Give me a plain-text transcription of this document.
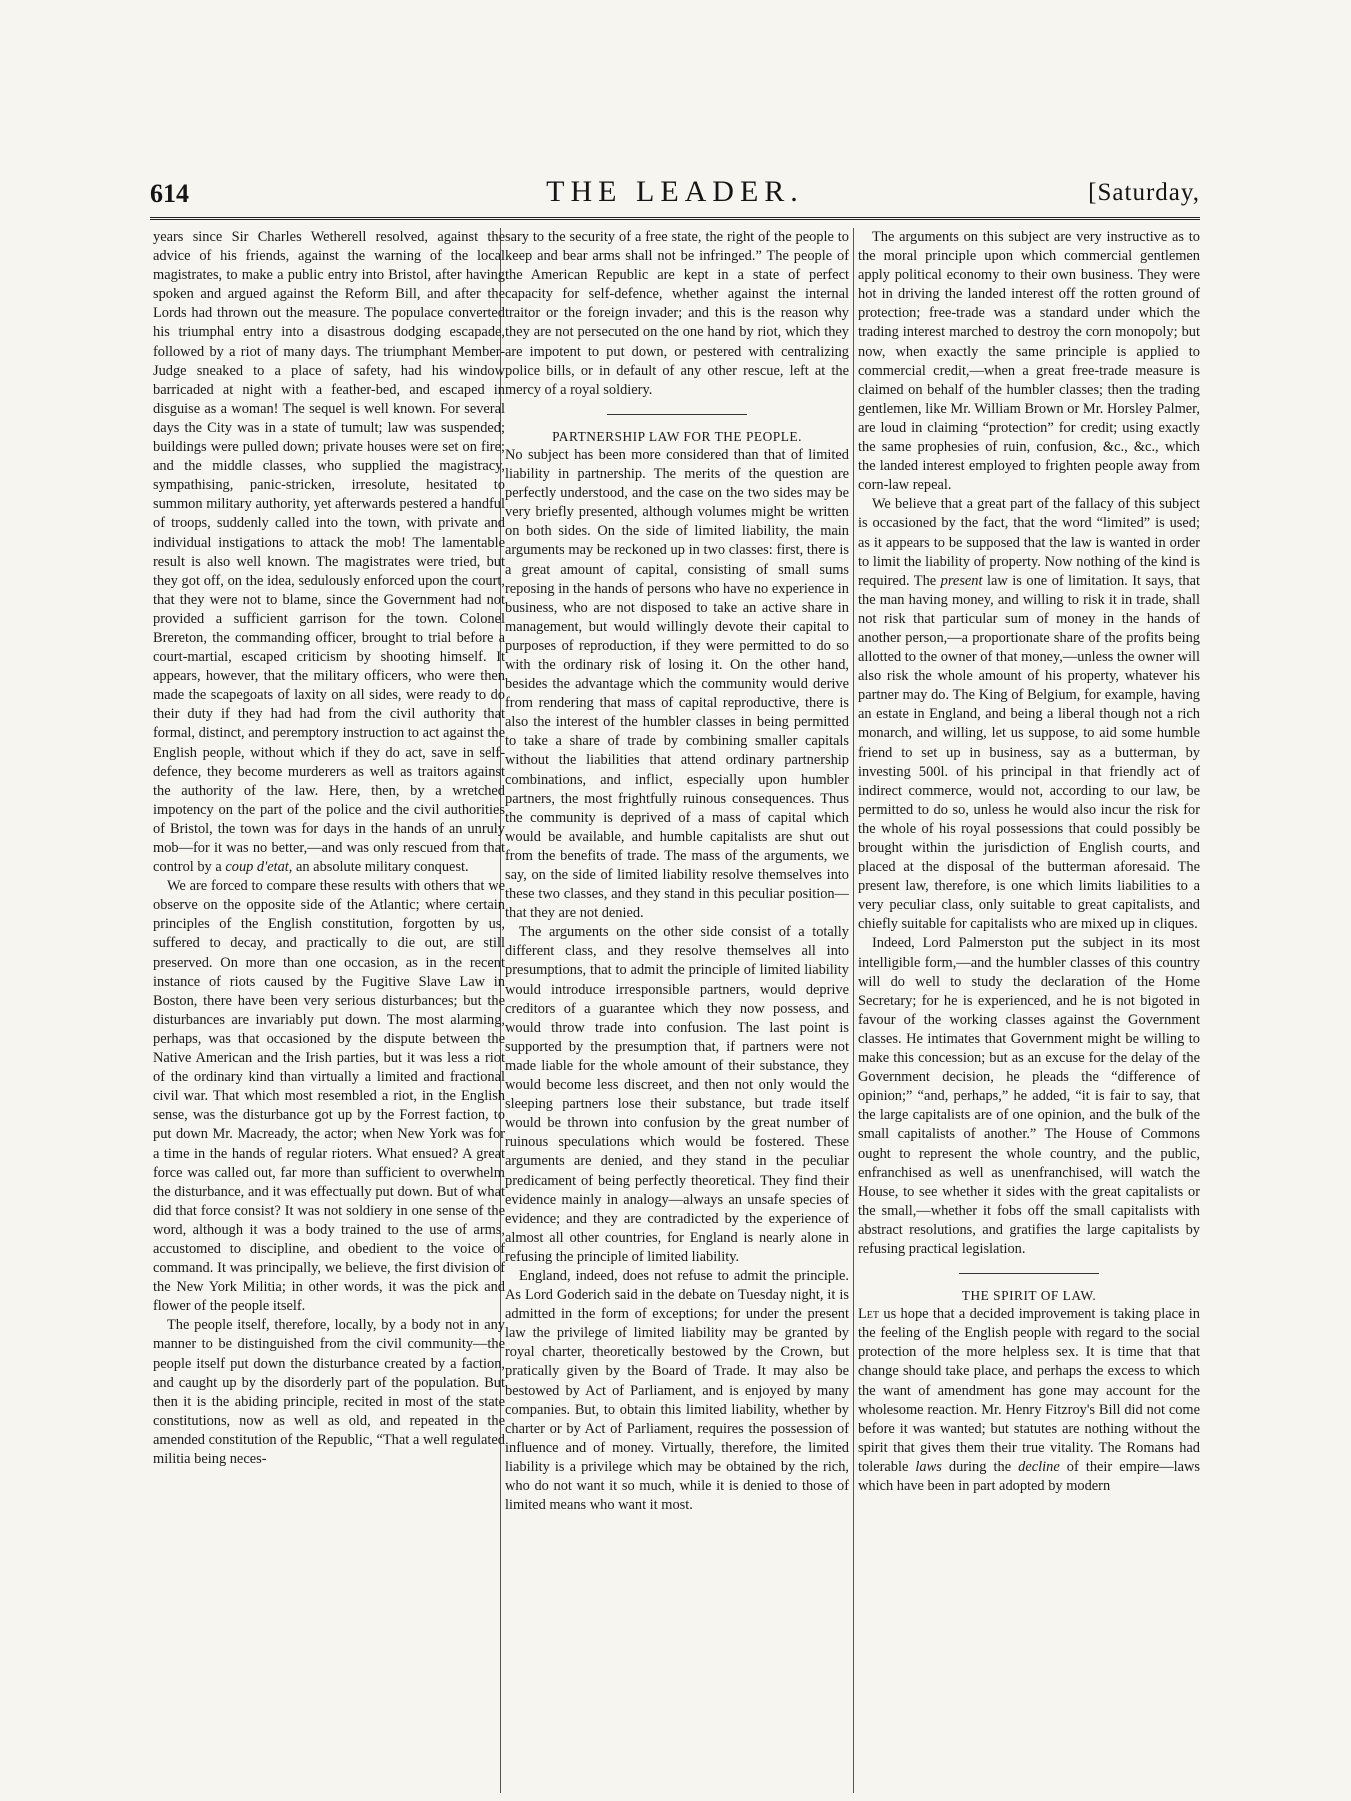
614	THE LEADER.	[Saturday,

years since Sir Charles Wetherell resolved, against the advice of his friends, against the warning of the local magistrates, to make a public entry into Bristol, after having spoken and argued against the Reform Bill, and after the Lords had thrown out the measure. The populace converted his triumphal entry into a disastrous dodging escapade, followed by a riot of many days. The triumphant Member-Judge sneaked to a place of safety, had his window barricaded at night with a feather-bed, and escaped in disguise as a woman! The sequel is well known. For several days the City was in a state of tumult; law was suspended; buildings were pulled down; private houses were set on fire; and the middle classes, who supplied the magistracy, sympathising, panic-stricken, irresolute, hesitated to summon military authority, yet afterwards pestered a handful of troops, suddenly called into the town, with private and individual instigations to attack the mob! The lamentable result is also well known. The magistrates were tried, but they got off, on the idea, sedulously enforced upon the court, that they were not to blame, since the Government had not provided a sufficient garrison for the town. Colonel Brereton, the commanding officer, brought to trial before a court-martial, escaped criticism by shooting himself. It appears, however, that the military officers, who were then made the scapegoats of laxity on all sides, were ready to do their duty if they had had from the civil authority that formal, distinct, and peremptory instruction to act against the English people, without which if they do act, save in self-defence, they become murderers as well as traitors against the authority of the law. Here, then, by a wretched impotency on the part of the police and the civil authorities of Bristol, the town was for days in the hands of an unruly mob—for it was no better,—and was only rescued from that control by a coup d'etat, an absolute military conquest.

We are forced to compare these results with others that we observe on the opposite side of the Atlantic; where certain principles of the English constitution, forgotten by us, suffered to decay, and practically to die out, are still preserved. On more than one occasion, as in the recent instance of riots caused by the Fugitive Slave Law in Boston, there have been very serious disturbances; but the disturbances are invariably put down. The most alarming, perhaps, was that occasioned by the dispute between the Native American and the Irish parties, but it was less a riot of the ordinary kind than virtually a limited and fractional civil war. That which most resembled a riot, in the English sense, was the disturbance got up by the Forrest faction, to put down Mr. Macready, the actor; when New York was for a time in the hands of regular rioters. What ensued? A great force was called out, far more than sufficient to overwhelm the disturbance, and it was effectually put down. But of what did that force consist? It was not soldiery in one sense of the word, although it was a body trained to the use of arms, accustomed to discipline, and obedient to the voice of command. It was principally, we believe, the first division of the New York Militia; in other words, it was the pick and flower of the people itself.

The people itself, therefore, locally, by a body not in any manner to be distinguished from the civil community—the people itself put down the disturbance created by a faction, and caught up by the disorderly part of the population. But then it is the abiding principle, recited in most of the state constitutions, now as well as old, and repeated in the amended constitution of the Republic, “That a well regulated militia being neces-

sary to the security of a free state, the right of the people to keep and bear arms shall not be infringed.” The people of the American Republic are kept in a state of perfect capacity for self-defence, whether against the internal traitor or the foreign invader; and this is the reason why they are not persecuted on the one hand by riot, which they are impotent to put down, or pestered with centralizing police bills, or in default of any other rescue, left at the mercy of a royal soldiery.

PARTNERSHIP LAW FOR THE PEOPLE.

No subject has been more considered than that of limited liability in partnership. The merits of the question are perfectly understood, and the case on the two sides may be very briefly presented, although volumes might be written on both sides. On the side of limited liability, the main arguments may be reckoned up in two classes: first, there is a great amount of capital, consisting of small sums reposing in the hands of persons who have no experience in business, who are not disposed to take an active share in management, but would willingly devote their capital to purposes of reproduction, if they were permitted to do so with the ordinary risk of losing it. On the other hand, besides the advantage which the community would derive from rendering that mass of capital reproductive, there is also the interest of the humbler classes in being permitted to take a share of trade by combining smaller capitals without the liabilities that attend ordinary partnership combinations, and inflict, especially upon humbler partners, the most frightfully ruinous consequences. Thus the community is deprived of a mass of capital which would be available, and humble capitalists are shut out from the benefits of trade. The mass of the arguments, we say, on the side of limited liability resolve themselves into these two classes, and they stand in this peculiar position—that they are not denied.

The arguments on the other side consist of a totally different class, and they resolve themselves all into presumptions, that to admit the principle of limited liability would introduce irresponsible partners, would deprive creditors of a guarantee which they now possess, and would throw trade into confusion. The last point is supported by the presumption that, if partners were not made liable for the whole amount of their substance, they would become less discreet, and then not only would the sleeping partners lose their substance, but trade itself would be thrown into confusion by the great number of ruinous speculations which would be fostered. These arguments are denied, and they stand in the peculiar predicament of being perfectly theoretical. They find their evidence mainly in analogy—always an unsafe species of evidence; and they are contradicted by the experience of almost all other countries, for England is nearly alone in refusing the principle of limited liability.

England, indeed, does not refuse to admit the principle. As Lord Goderich said in the debate on Tuesday night, it is admitted in the form of exceptions; for under the present law the privilege of limited liability may be granted by royal charter, theoretically bestowed by the Crown, but pratically given by the Board of Trade. It may also be bestowed by Act of Parliament, and is enjoyed by many companies. But, to obtain this limited liability, whether by charter or by Act of Parliament, requires the possession of influence and of money. Virtually, therefore, the limited liability is a privilege which may be obtained by the rich, who do not want it so much, while it is denied to those of limited means who want it most.

The arguments on this subject are very instructive as to the moral principle upon which commercial gentlemen apply political economy to their own business. They were hot in driving the landed interest off the rotten ground of protection; free-trade was a standard under which the trading interest marched to destroy the corn monopoly; but now, when exactly the same principle is applied to commercial credit,—when a great free-trade measure is claimed on behalf of the humbler classes; then the trading gentlemen, like Mr. William Brown or Mr. Horsley Palmer, are loud in claiming “protection” for credit; using exactly the same prophesies of ruin, confusion, &c., &c., which the landed interest employed to frighten people away from corn-law repeal.

We believe that a great part of the fallacy of this subject is occasioned by the fact, that the word “limited” is used; as it appears to be supposed that the law is wanted in order to limit the liability of property. Now nothing of the kind is required. The present law is one of limitation. It says, that the man having money, and willing to risk it in trade, shall not risk that particular sum of money in the hands of another person,—a proportionate share of the profits being allotted to the owner of that money,—unless the owner will also risk the whole amount of his property, whatever his partner may do. The King of Belgium, for example, having an estate in England, and being a liberal though not a rich monarch, and willing, let us suppose, to aid some humble friend to set up in business, say as a butterman, by investing 500l. of his principal in that friendly act of indirect commerce, would not, according to our law, be permitted to do so, unless he would also incur the risk for the whole of his royal possessions that could possibly be brought within the jurisdiction of English courts, and placed at the disposal of the butterman aforesaid. The present law, therefore, is one which limits liabilities to a very peculiar class, only suitable to great capitalists, and chiefly suitable for capitalists who are mixed up in cliques.

Indeed, Lord Palmerston put the subject in its most intelligible form,—and the humbler classes of this country will do well to study the declaration of the Home Secretary; for he is experienced, and he is not bigoted in favour of the working classes against the Government classes. He intimates that Government might be willing to make this concession; but as an excuse for the delay of the Government decision, he pleads the “difference of opinion;” “and, perhaps,” he added, “it is fair to say, that the large capitalists are of one opinion, and the bulk of the small capitalists of another.” The House of Commons ought to represent the whole country, and the public, enfranchised as well as unenfranchised, will watch the House, to see whether it sides with the great capitalists or the small,—whether it fobs off the small capitalists with abstract resolutions, and gratifies the large capitalists by refusing practical legislation.

THE SPIRIT OF LAW.

Let us hope that a decided improvement is taking place in the feeling of the English people with regard to the social protection of the more helpless sex. It is time that that change should take place, and perhaps the excess to which the want of amendment has gone may account for the wholesome reaction. Mr. Henry Fitzroy's Bill did not come before it was wanted; but statutes are nothing without the spirit that gives them their true vitality. The Romans had tolerable laws during the decline of their empire—laws which have been in part adopted by modern
